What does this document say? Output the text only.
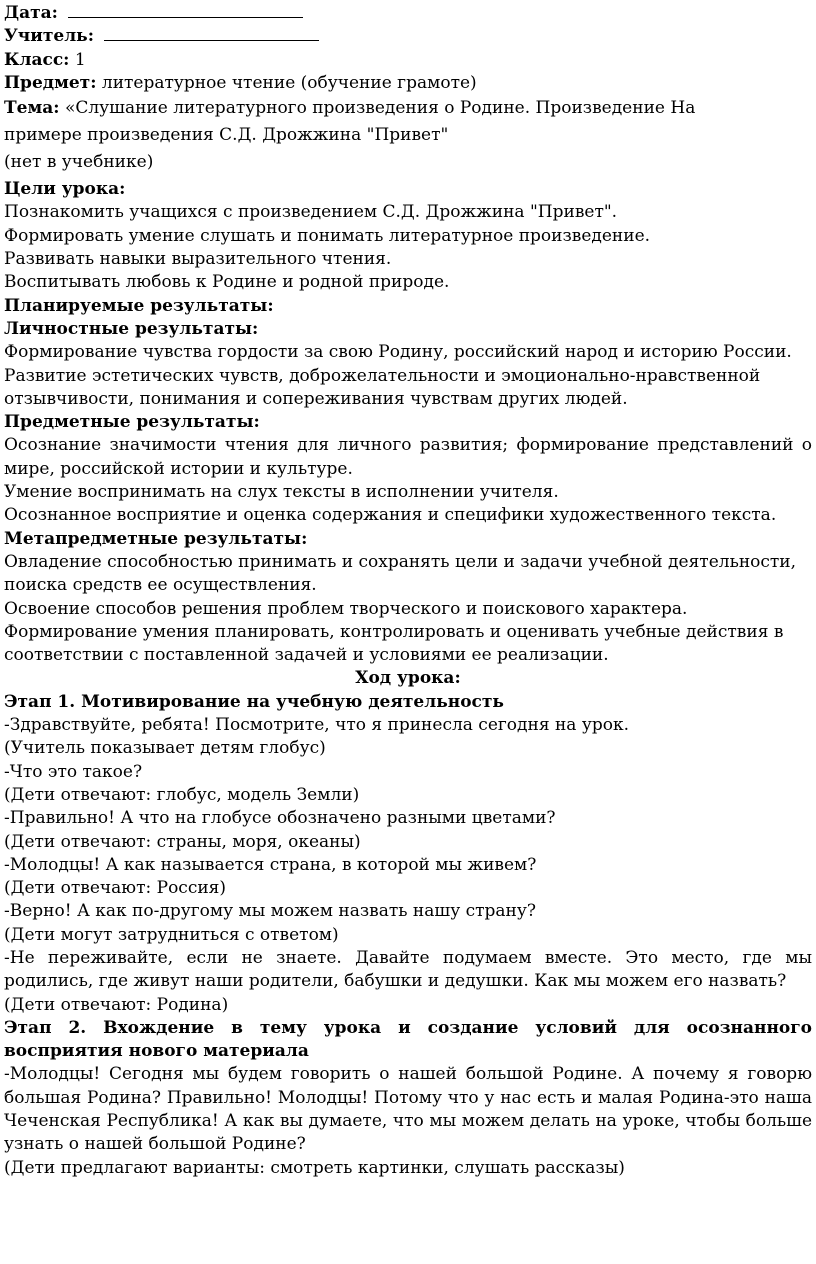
Дата:
Учитель:
Класс: 1
Предмет: литературное чтение (обучение грамоте)
Тема: «Слушание литературного произведения о Родине. Произведение На
примере произведения С.Д. Дрожжина "Привет"
(нет в учебнике)
Цели урока:

Познакомить учащихся с произведением С.Д. Дрожжина "Привет".

Формировать умение слушать и понимать литературное произведение.

Развивать навыки выразительного чтения.

Воспитывать любовь к Родине и родной природе.

Планируемые результаты:
Личностные результаты:

Формирование чувства гордости за свою Родину, российский народ и историю России.

Развитие эстетических чувств, доброжелательности и эмоционально-нравственной отзывчивости, понимания и сопереживания чувствам других людей.

Предметные результаты:

Осознание значимости чтения для личного развития; формирование представлений о мире, российской истории и культуре.

Умение воспринимать на слух тексты в исполнении учителя.

Осознанное восприятие и оценка содержания и специфики художественного текста.

Метапредметные результаты:

Овладение способностью принимать и сохранять цели и задачи учебной деятельности, поиска средств ее осуществления.

Освоение способов решения проблем творческого и поискового характера.

Формирование умения планировать, контролировать и оценивать учебные действия в соответствии с поставленной задачей и условиями ее реализации.

Ход урока:
Этап 1. Мотивирование на учебную деятельность

-Здравствуйте, ребята! Посмотрите, что я принесла сегодня на урок.

(Учитель показывает детям глобус)

-Что это такое?

(Дети отвечают: глобус, модель Земли)

-Правильно! А что на глобусе обозначено разными цветами?

(Дети отвечают: страны, моря, океаны)

-Молодцы! А как называется страна, в которой мы живем?

(Дети отвечают: Россия)

-Верно! А как по-другому мы можем назвать нашу страну?

(Дети могут затрудниться с ответом)

-Не переживайте, если не знаете. Давайте подумаем вместе. Это место, где мы родились, где живут наши родители, бабушки и дедушки. Как мы можем его назвать?

(Дети отвечают: Родина)

Этап 2. Вхождение в тему урока и создание условий для осознанного восприятия нового материала

-Молодцы! Сегодня мы будем говорить о нашей большой Родине. А почему я говорю большая Родина? Правильно! Молодцы! Потому что у нас есть и малая Родина-это наша Чеченская Республика! А как вы думаете, что мы можем делать на уроке, чтобы больше узнать о нашей большой Родине?

(Дети предлагают варианты: смотреть картинки, слушать рассказы)
